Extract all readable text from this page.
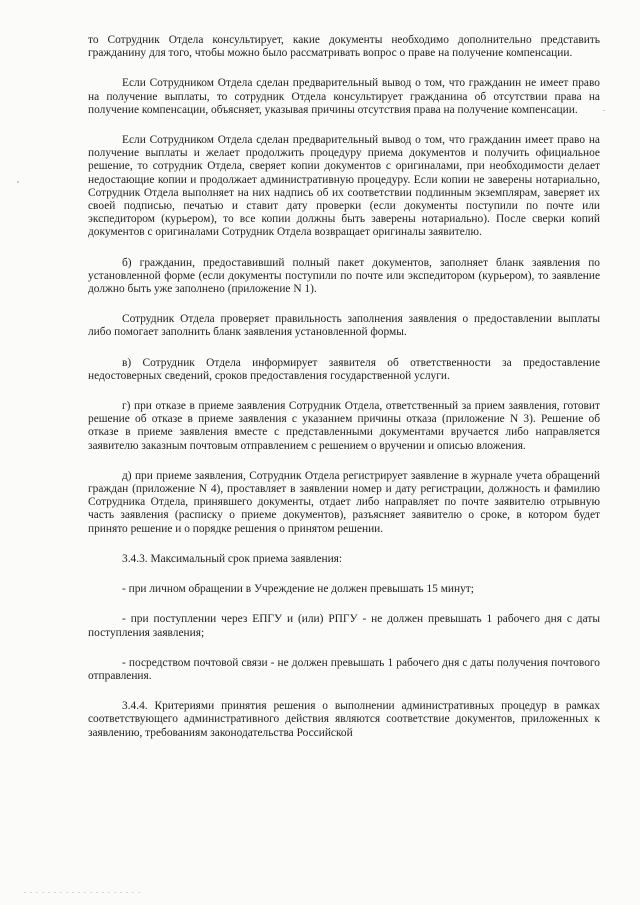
то Сотрудник Отдела консультирует, какие документы необходимо дополнительно представить гражданину для того, чтобы можно было рассматривать вопрос о праве на получение компенсации.

Если Сотрудником Отдела сделан предварительный вывод о том, что гражданин не имеет право на получение выплаты, то сотрудник Отдела консультирует гражданина об отсутствии права на получение компенсации, объясняет, указывая причины отсутствия права на получение компенсации.

Если Сотрудником Отдела сделан предварительный вывод о том, что гражданин имеет право на получение выплаты и желает продолжить процедуру приема документов и получить официальное решение, то сотрудник Отдела, сверяет копии документов с оригиналами, при необходимости делает недостающие копии и продолжает административную процедуру. Если копии не заверены нотариально, Сотрудник Отдела выполняет на них надпись об их соответствии подлинным экземплярам, заверяет их своей подписью, печатью и ставит дату проверки (если документы поступили по почте или экспедитором (курьером), то все копии должны быть заверены нотариально). После сверки копий документов с оригиналами Сотрудник Отдела возвращает оригиналы заявителю.

б) гражданин, предоставивший полный пакет документов, заполняет бланк заявления по установленной форме (если документы поступили по почте или экспедитором (курьером), то заявление должно быть уже заполнено (приложение N 1).

Сотрудник Отдела проверяет правильность заполнения заявления о предоставлении выплаты либо помогает заполнить бланк заявления установленной формы.

в) Сотрудник Отдела информирует заявителя об ответственности за предоставление недостоверных сведений, сроков предоставления государственной услуги.

г) при отказе в приеме заявления Сотрудник Отдела, ответственный за прием заявления, готовит решение об отказе в приеме заявления с указанием причины отказа (приложение N 3). Решение об отказе в приеме заявления вместе с представленными документами вручается либо направляется заявителю заказным почтовым отправлением с решением о вручении и описью вложения.

д) при приеме заявления, Сотрудник Отдела регистрирует заявление в журнале учета обращений граждан (приложение N 4), проставляет в заявлении номер и дату регистрации, должность и фамилию Сотрудника Отдела, принявшего документы, отдает либо направляет по почте заявителю отрывную часть заявления (расписку о приеме документов), разъясняет заявителю о сроке, в котором будет принято решение и о порядке решения о принятом решении.

3.4.3. Максимальный срок приема заявления:

- при личном обращении в Учреждение не должен превышать 15 минут;

- при поступлении через ЕПГУ и (или) РПГУ - не должен превышать 1 рабочего дня с даты поступления заявления;

- посредством почтовой связи - не должен превышать 1 рабочего дня с даты получения почтового отправления.

3.4.4. Критериями принятия решения о выполнении административных процедур в рамках соответствующего административного действия являются соответствие документов, приложенных к заявлению, требованиям законодательства Российской
